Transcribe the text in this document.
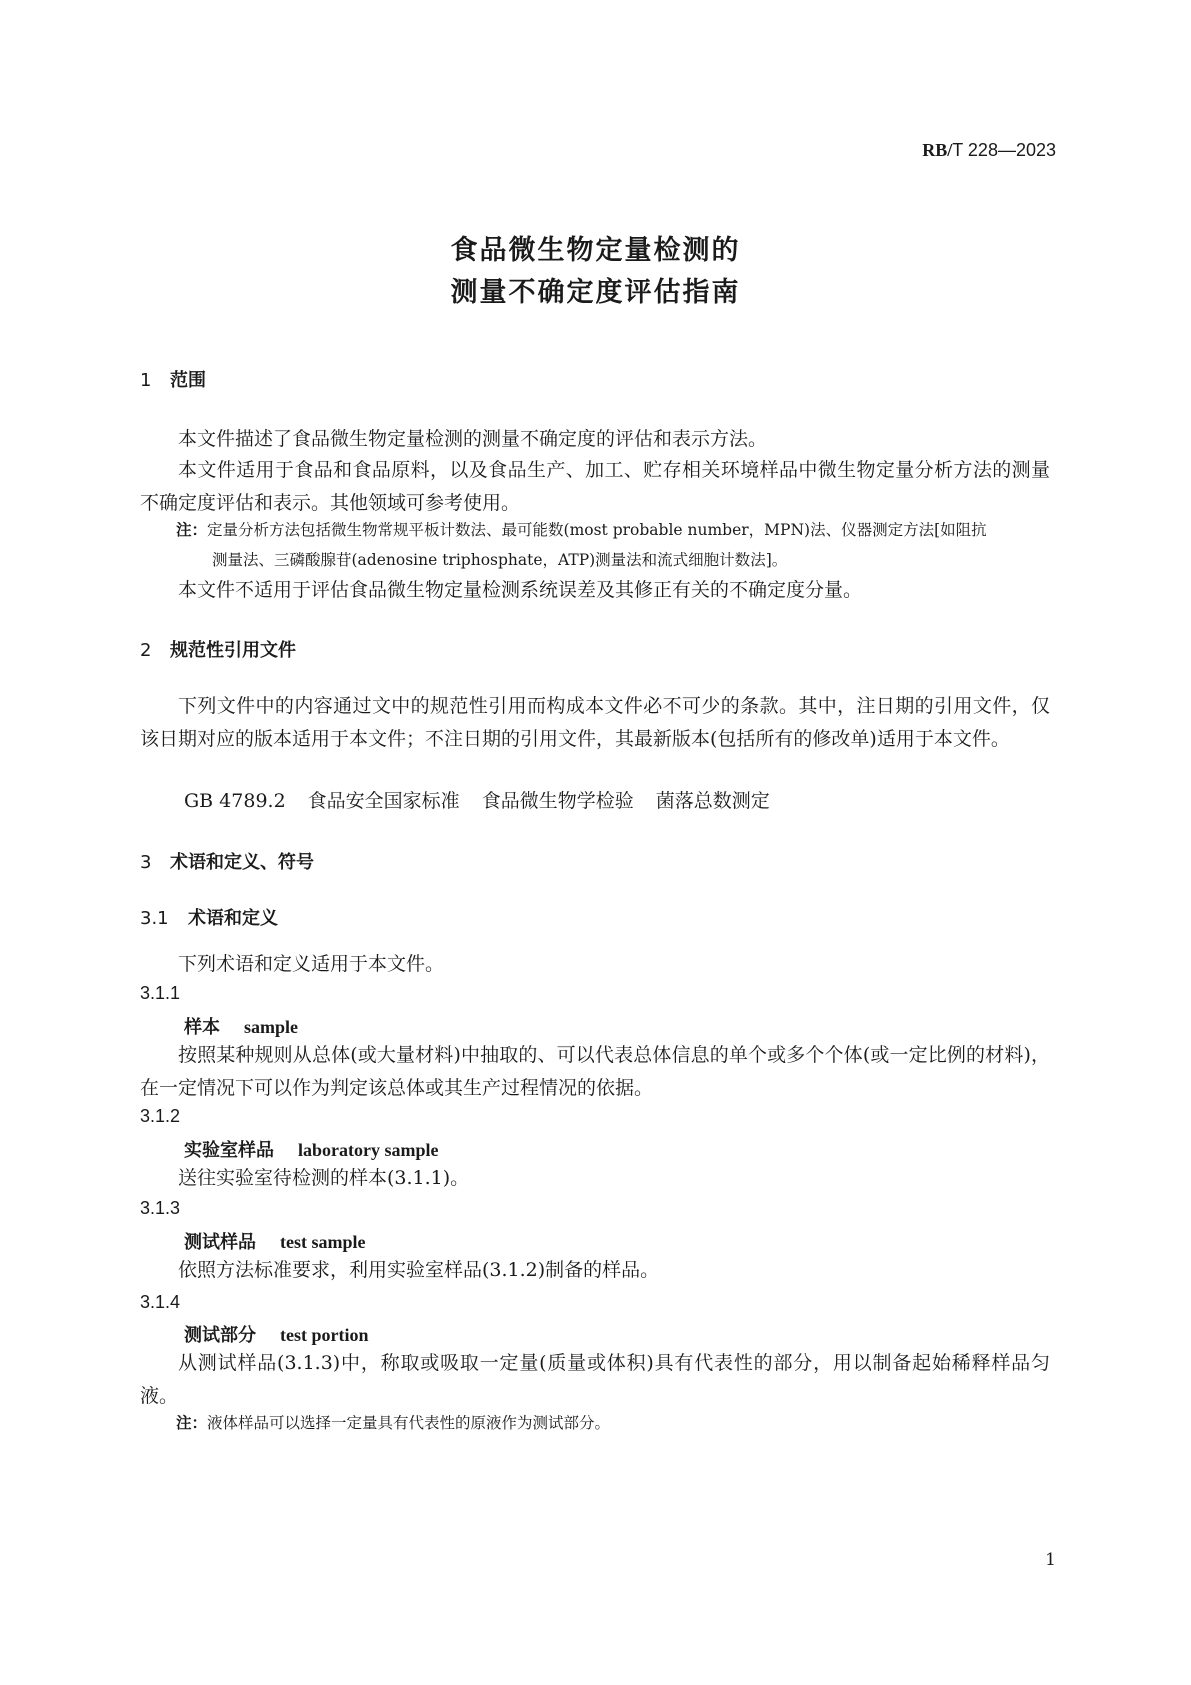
RB/T 228—2023
食品微生物定量检测的
测量不确定度评估指南
1 范围
本文件描述了食品微生物定量检测的测量不确定度的评估和表示方法。
本文件适用于食品和食品原料，以及食品生产、加工、贮存相关环境样品中微生物定量分析方法的测量不确定度评估和表示。其他领域可参考使用。
注：定量分析方法包括微生物常规平板计数法、最可能数(most probable number，MPN)法、仪器测定方法[如阻抗
测量法、三磷酸腺苷(adenosine triphosphate，ATP)测量法和流式细胞计数法]。
本文件不适用于评估食品微生物定量检测系统误差及其修正有关的不确定度分量。
2 规范性引用文件
下列文件中的内容通过文中的规范性引用而构成本文件必不可少的条款。其中，注日期的引用文件，仅该日期对应的版本适用于本文件；不注日期的引用文件，其最新版本(包括所有的修改单)适用于本文件。
GB 4789.2 食品安全国家标准 食品微生物学检验 菌落总数测定
3 术语和定义、符号
3.1 术语和定义
下列术语和定义适用于本文件。
3.1.1
样本 sample
按照某种规则从总体(或大量材料)中抽取的、可以代表总体信息的单个或多个个体(或一定比例的材料)，在一定情况下可以作为判定该总体或其生产过程情况的依据。
3.1.2
实验室样品 laboratory sample
送往实验室待检测的样本(3.1.1)。
3.1.3
测试样品 test sample
依照方法标准要求，利用实验室样品(3.1.2)制备的样品。
3.1.4
测试部分 test portion
从测试样品(3.1.3)中，称取或吸取一定量(质量或体积)具有代表性的部分，用以制备起始稀释样品匀液。
注：液体样品可以选择一定量具有代表性的原液作为测试部分。
1
